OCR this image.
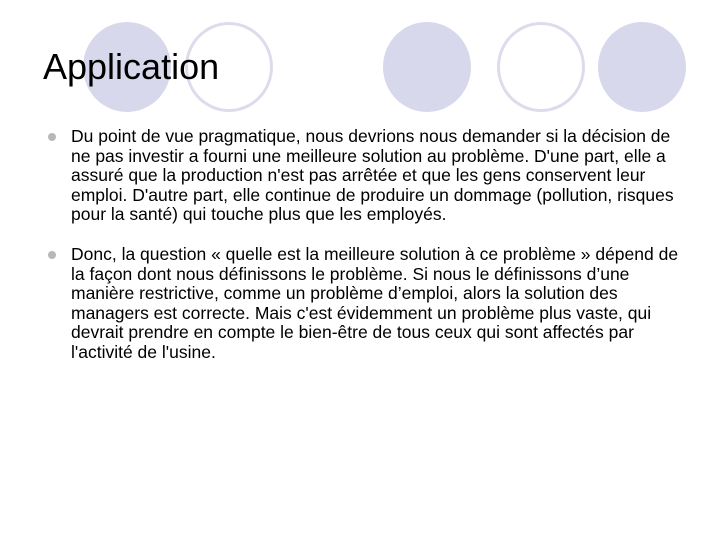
Application
Du point de vue pragmatique, nous devrions nous demander si la décision de ne pas investir a fourni une meilleure solution au problème. D'une part, elle a assuré que la production n'est pas arrêtée et que les gens conservent leur emploi. D'autre part, elle continue de produire un dommage (pollution, risques pour la santé) qui touche plus que les employés.
Donc, la question « quelle est la meilleure solution à ce problème » dépend de la façon dont nous définissons le problème. Si nous le définissons d’une manière restrictive, comme un problème d’emploi, alors la solution des managers est correcte. Mais c'est évidemment un problème plus vaste, qui devrait prendre en compte le bien-être de tous ceux qui sont affectés par l'activité de l'usine.
